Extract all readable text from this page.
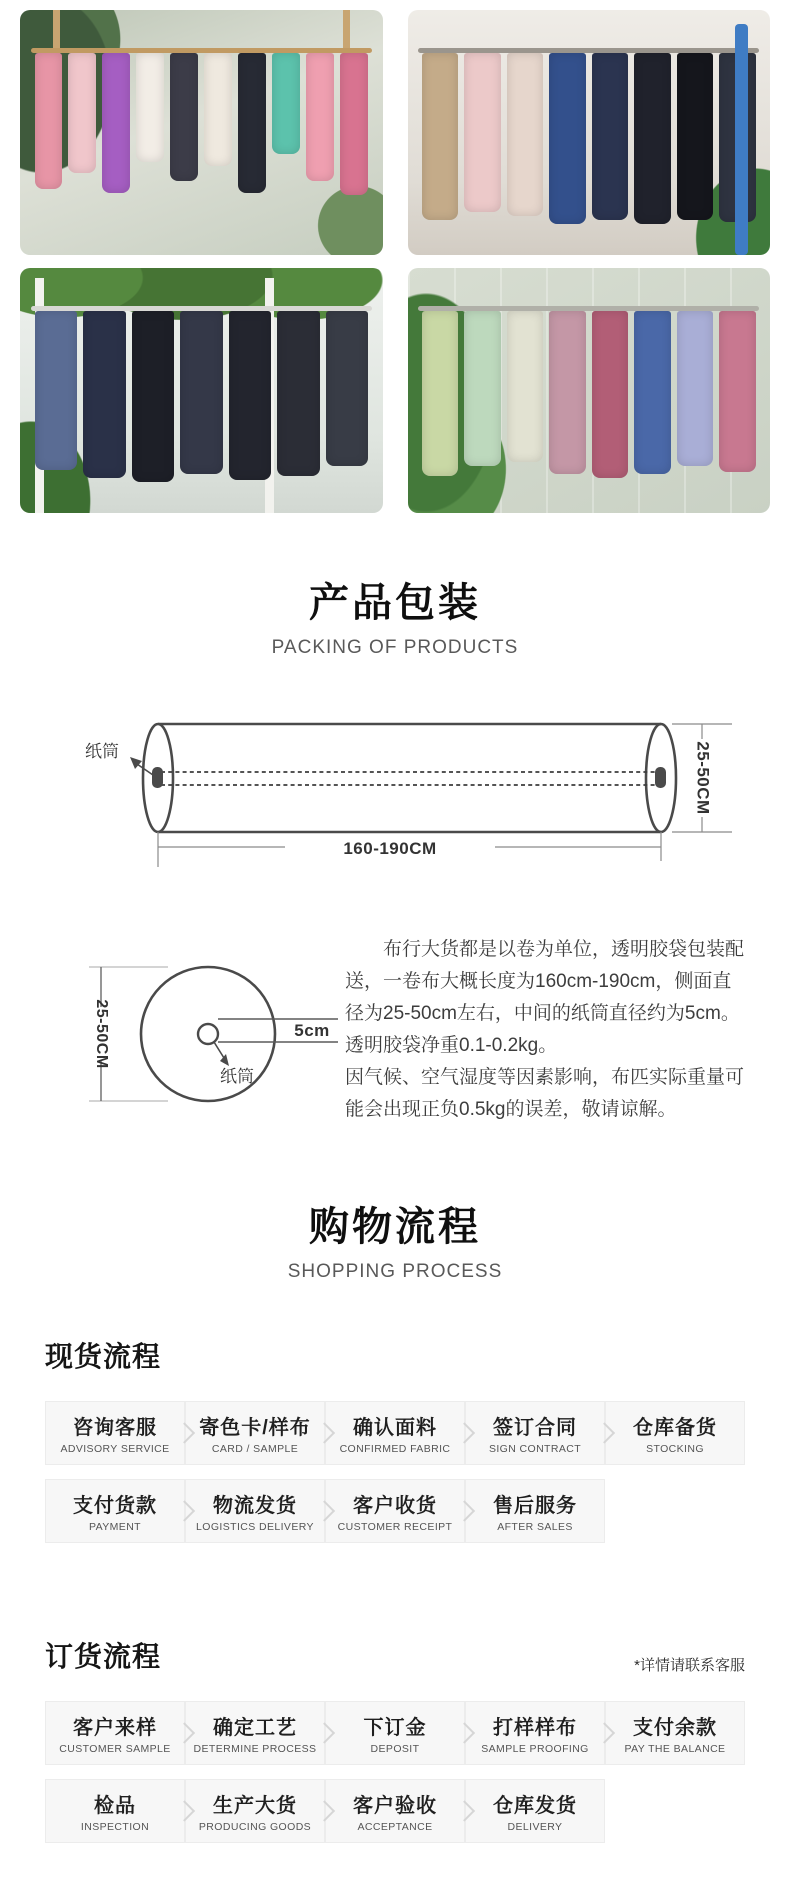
产品包装
PACKING OF PRODUCTS
纸筒	25-50CM
160-190CM
25-50CM	5cm
纸筒

布行大货都是以卷为单位，透明胶袋包装配送，一卷布大概长度为160cm-190cm，侧面直径为25-50cm左右，中间的纸筒直径约为5cm。透明胶袋净重0.1-0.2kg。

因气候、空气湿度等因素影响，布匹实际重量可能会出现正负0.5kg的误差，敬请谅解。

购物流程
SHOPPING PROCESS
现货流程
咨询客服
ADVISORY SERVICE
寄色卡/样布
CARD / SAMPLE
确认面料
CONFIRMED FABRIC
签订合同
SIGN CONTRACT
仓库备货
STOCKING
支付货款
PAYMENT
物流发货
LOGISTICS DELIVERY
客户收货
CUSTOMER RECEIPT
售后服务
AFTER SALES
订货流程	*详情请联系客服
客户来样
CUSTOMER SAMPLE
确定工艺
DETERMINE PROCESS
下订金
DEPOSIT
打样样布
SAMPLE PROOFING
支付余款
PAY THE BALANCE
检品
INSPECTION
生产大货
PRODUCING GOODS
客户验收
ACCEPTANCE
仓库发货
DELIVERY
